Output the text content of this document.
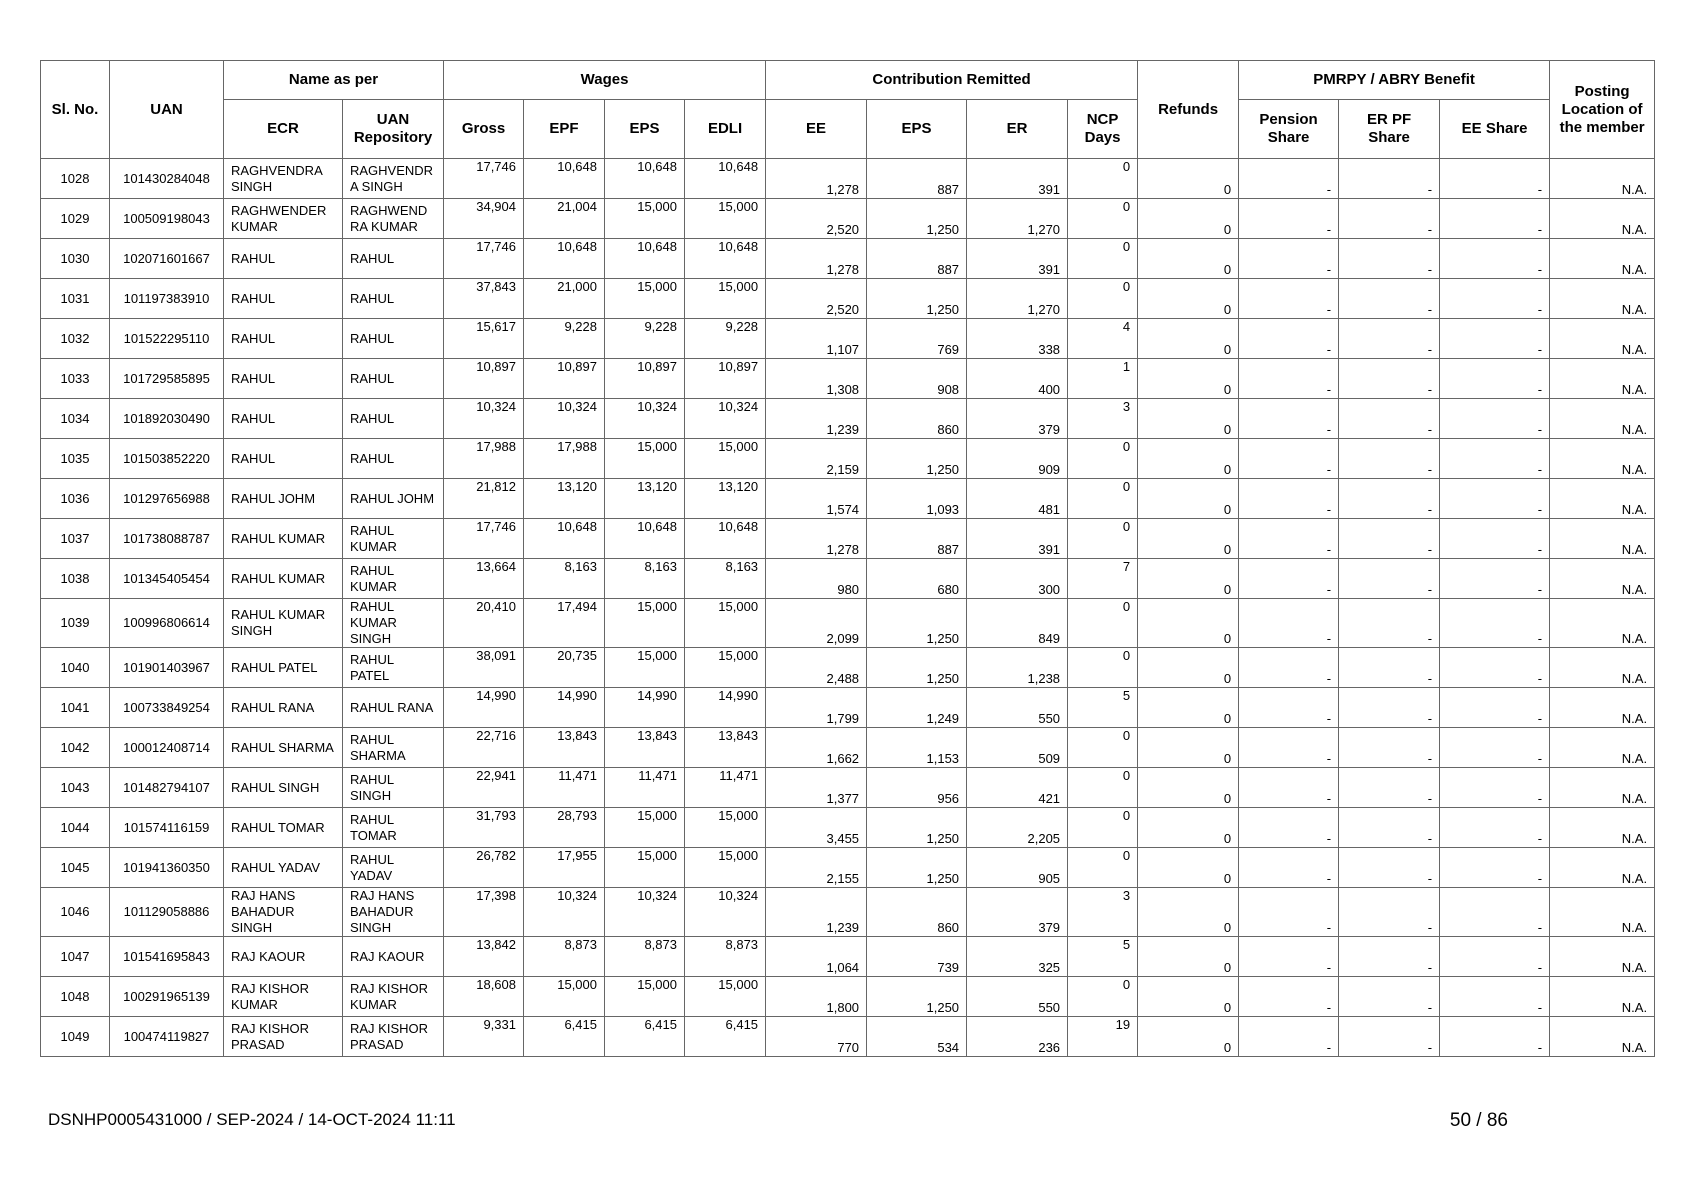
Sl. No.	UAN	Name as per		Wages				Contribution Remitted				Refunds	PMRPY / ABRY Benefit			Posting Location of the member
		ECR	UAN Repository	Gross	EPF	EPS	EDLI	EE	EPS	ER	NCP Days		Pension Share	ER PF Share	EE Share	
1028	101430284048	RAGHVENDRA SINGH	RAGHVENDR A SINGH	17,746	10,648	10,648	10,648	1,278	887	391	0	0	-	-	-	N.A.
1029	100509198043	RAGHWENDER KUMAR	RAGHWEND RA KUMAR	34,904	21,004	15,000	15,000	2,520	1,250	1,270	0	0	-	-	-	N.A.
1030	102071601667	RAHUL	RAHUL	17,746	10,648	10,648	10,648	1,278	887	391	0	0	-	-	-	N.A.
1031	101197383910	RAHUL	RAHUL	37,843	21,000	15,000	15,000	2,520	1,250	1,270	0	0	-	-	-	N.A.
1032	101522295110	RAHUL	RAHUL	15,617	9,228	9,228	9,228	1,107	769	338	4	0	-	-	-	N.A.
1033	101729585895	RAHUL	RAHUL	10,897	10,897	10,897	10,897	1,308	908	400	1	0	-	-	-	N.A.
1034	101892030490	RAHUL	RAHUL	10,324	10,324	10,324	10,324	1,239	860	379	3	0	-	-	-	N.A.
1035	101503852220	RAHUL	RAHUL	17,988	17,988	15,000	15,000	2,159	1,250	909	0	0	-	-	-	N.A.
1036	101297656988	RAHUL JOHM	RAHUL JOHM	21,812	13,120	13,120	13,120	1,574	1,093	481	0	0	-	-	-	N.A.
1037	101738088787	RAHUL KUMAR	RAHUL KUMAR	17,746	10,648	10,648	10,648	1,278	887	391	0	0	-	-	-	N.A.
1038	101345405454	RAHUL KUMAR	RAHUL KUMAR	13,664	8,163	8,163	8,163	980	680	300	7	0	-	-	-	N.A.
1039	100996806614	RAHUL KUMAR SINGH	RAHUL KUMAR SINGH	20,410	17,494	15,000	15,000	2,099	1,250	849	0	0	-	-	-	N.A.
1040	101901403967	RAHUL PATEL	RAHUL PATEL	38,091	20,735	15,000	15,000	2,488	1,250	1,238	0	0	-	-	-	N.A.
1041	100733849254	RAHUL RANA	RAHUL RANA	14,990	14,990	14,990	14,990	1,799	1,249	550	5	0	-	-	-	N.A.
1042	100012408714	RAHUL SHARMA	RAHUL SHARMA	22,716	13,843	13,843	13,843	1,662	1,153	509	0	0	-	-	-	N.A.
1043	101482794107	RAHUL SINGH	RAHUL SINGH	22,941	11,471	11,471	11,471	1,377	956	421	0	0	-	-	-	N.A.
1044	101574116159	RAHUL TOMAR	RAHUL TOMAR	31,793	28,793	15,000	15,000	3,455	1,250	2,205	0	0	-	-	-	N.A.
1045	101941360350	RAHUL YADAV	RAHUL YADAV	26,782	17,955	15,000	15,000	2,155	1,250	905	0	0	-	-	-	N.A.
1046	101129058886	RAJ HANS BAHADUR SINGH	RAJ HANS BAHADUR SINGH	17,398	10,324	10,324	10,324	1,239	860	379	3	0	-	-	-	N.A.
1047	101541695843	RAJ KAOUR	RAJ KAOUR	13,842	8,873	8,873	8,873	1,064	739	325	5	0	-	-	-	N.A.
1048	100291965139	RAJ KISHOR KUMAR	RAJ KISHOR KUMAR	18,608	15,000	15,000	15,000	1,800	1,250	550	0	0	-	-	-	N.A.
1049	100474119827	RAJ KISHOR PRASAD	RAJ KISHOR PRASAD	9,331	6,415	6,415	6,415	770	534	236	19	0	-	-	-	N.A.
DSNHP0005431000 / SEP-2024 / 14-OCT-2024 11:11	50 / 86
